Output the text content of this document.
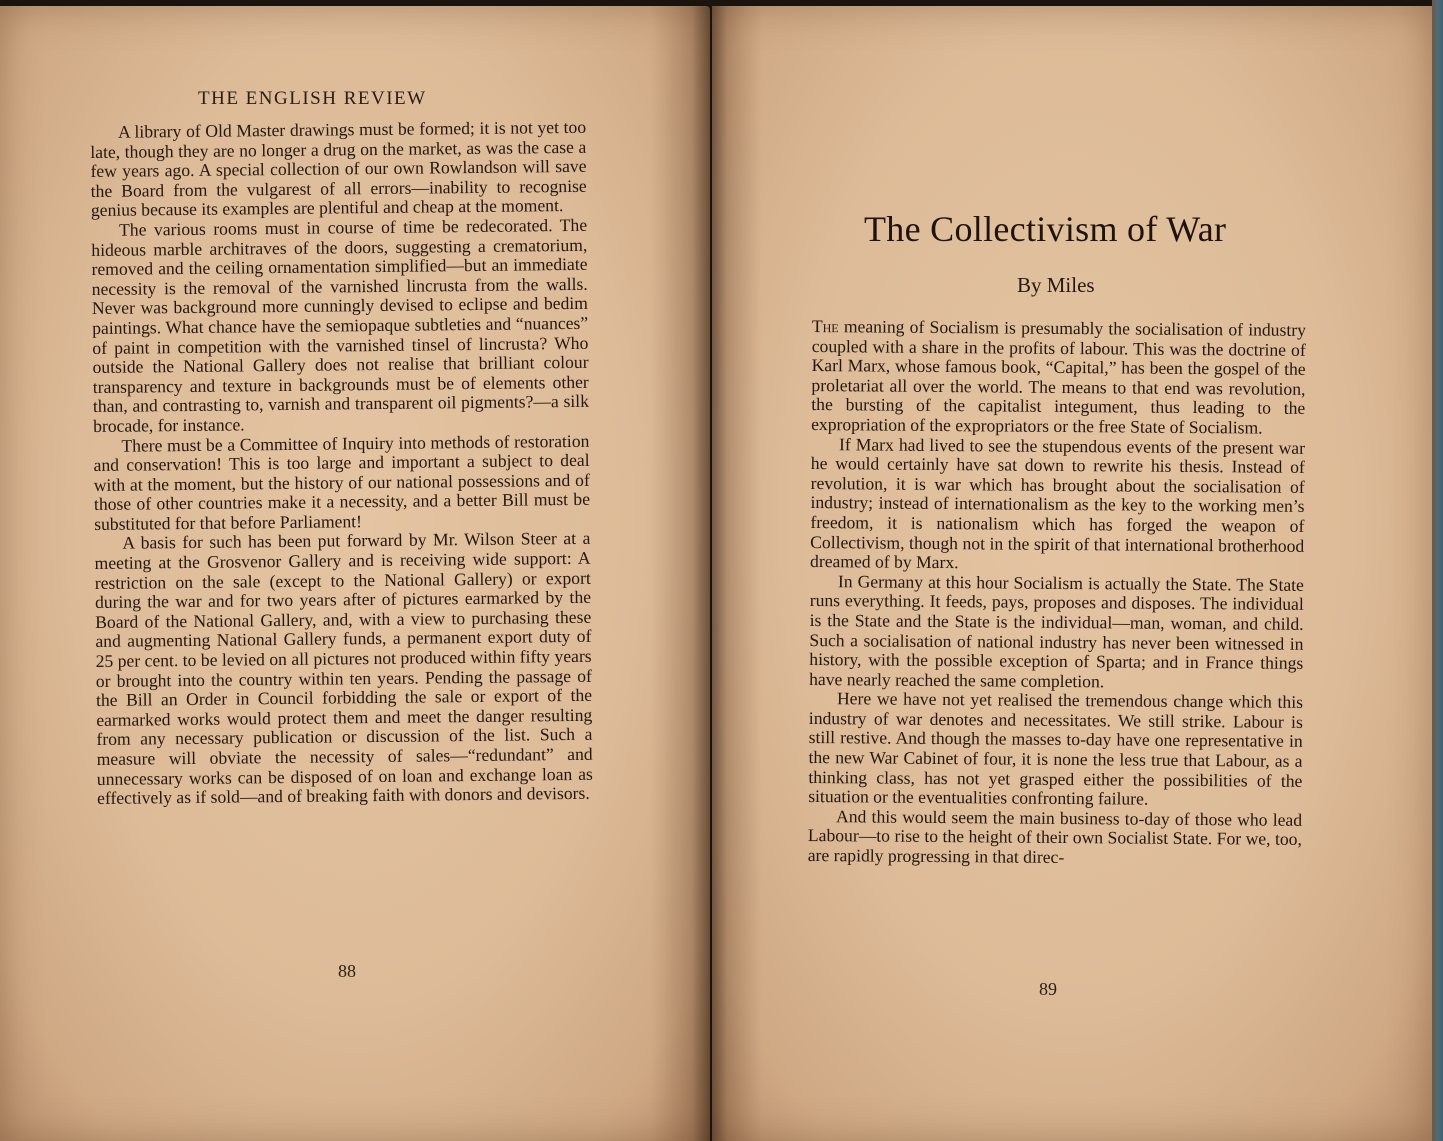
THE ENGLISH REVIEW

A library of Old Master drawings must be formed; it is not yet too late, though they are no longer a drug on the market, as was the case a few years ago. A special collection of our own Rowlandson will save the Board from the vulgarest of all errors—inability to recognise genius because its examples are plentiful and cheap at the moment.

The various rooms must in course of time be redecorated. The hideous marble architraves of the doors, suggesting a crematorium, removed and the ceiling ornamentation simplified—but an immediate necessity is the removal of the varnished lincrusta from the walls. Never was background more cunningly devised to eclipse and bedim paintings. What chance have the semiopaque subtleties and “nuances” of paint in competition with the varnished tinsel of lincrusta? Who outside the National Gallery does not realise that brilliant colour transparency and texture in backgrounds must be of elements other than, and contrasting to, varnish and transparent oil pigments?—a silk brocade, for instance.

There must be a Committee of Inquiry into methods of restoration and conservation! This is too large and important a subject to deal with at the moment, but the history of our national possessions and of those of other countries make it a necessity, and a better Bill must be substituted for that before Parliament!

A basis for such has been put forward by Mr. Wilson Steer at a meeting at the Grosvenor Gallery and is receiving wide support: A restriction on the sale (except to the National Gallery) or export during the war and for two years after of pictures earmarked by the Board of the National Gallery, and, with a view to purchasing these and augmenting National Gallery funds, a permanent export duty of 25 per cent. to be levied on all pictures not produced within fifty years or brought into the country within ten years. Pending the passage of the Bill an Order in Council forbidding the sale or export of the earmarked works would protect them and meet the danger resulting from any necessary publication or discussion of the list. Such a measure will obviate the necessity of sales—“redundant” and unnecessary works can be disposed of on loan and exchange loan as effectively as if sold—and of breaking faith with donors and devisors.

88
The Collectivism of War
By Miles

The meaning of Socialism is presumably the socialisation of industry coupled with a share in the profits of labour. This was the doctrine of Karl Marx, whose famous book, “Capital,” has been the gospel of the proletariat all over the world. The means to that end was revolution, the bursting of the capitalist integument, thus leading to the expropriation of the expropriators or the free State of Socialism.

If Marx had lived to see the stupendous events of the present war he would certainly have sat down to rewrite his thesis. Instead of revolution, it is war which has brought about the socialisation of industry; instead of internationalism as the key to the working men’s freedom, it is nationalism which has forged the weapon of Collectivism, though not in the spirit of that international brotherhood dreamed of by Marx.

In Germany at this hour Socialism is actually the State. The State runs everything. It feeds, pays, proposes and disposes. The individual is the State and the State is the individual—man, woman, and child. Such a socialisation of national industry has never been witnessed in history, with the possible exception of Sparta; and in France things have nearly reached the same completion.

Here we have not yet realised the tremendous change which this industry of war denotes and necessitates. We still strike. Labour is still restive. And though the masses to-day have one representative in the new War Cabinet of four, it is none the less true that Labour, as a thinking class, has not yet grasped either the possibilities of the situation or the eventualities confronting failure.

And this would seem the main business to-day of those who lead Labour—to rise to the height of their own Socialist State. For we, too, are rapidly progressing in that direc-

89
